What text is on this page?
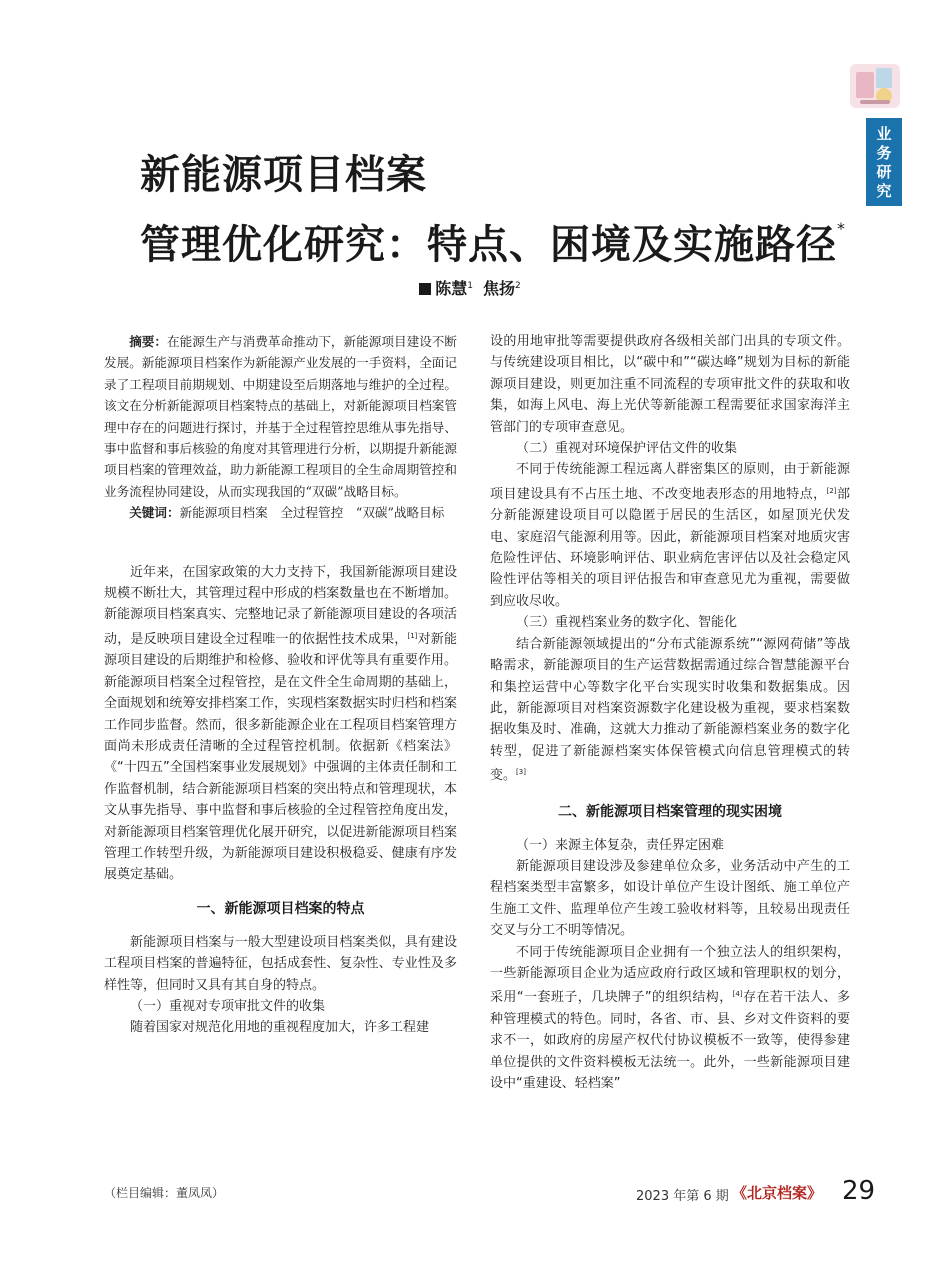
业
务
研
究
新能源项目档案
管理优化研究：特点、困境及实施路径*
陈慧$^1$ 焦扬$^2$

摘要：在能源生产与消费革命推动下，新能源项目建设不断发展。新能源项目档案作为新能源产业发展的一手资料，全面记录了工程项目前期规划、中期建设至后期落地与维护的全过程。该文在分析新能源项目档案特点的基础上，对新能源项目档案管理中存在的问题进行探讨，并基于全过程管控思维从事先指导、事中监督和事后核验的角度对其管理进行分析，以期提升新能源项目档案的管理效益，助力新能源工程项目的全生命周期管控和业务流程协同建设，从而实现我国的“双碳”战略目标。

关键词：新能源项目档案　全过程管控　“双碳”战略目标

近年来，在国家政策的大力支持下，我国新能源项目建设规模不断壮大，其管理过程中形成的档案数量也在不断增加。新能源项目档案真实、完整地记录了新能源项目建设的各项活动，是反映项目建设全过程唯一的依据性技术成果，[1]对新能源项目建设的后期维护和检修、验收和评优等具有重要作用。新能源项目档案全过程管控，是在文件全生命周期的基础上，全面规划和统筹安排档案工作，实现档案数据实时归档和档案工作同步监督。然而，很多新能源企业在工程项目档案管理方面尚未形成责任清晰的全过程管控机制。依据新《档案法》《“十四五”全国档案事业发展规划》中强调的主体责任制和工作监督机制，结合新能源项目档案的突出特点和管理现状，本文从事先指导、事中监督和事后核验的全过程管控角度出发，对新能源项目档案管理优化展开研究，以促进新能源项目档案管理工作转型升级，为新能源项目建设积极稳妥、健康有序发展奠定基础。

一、新能源项目档案的特点

新能源项目档案与一般大型建设项目档案类似，具有建设工程项目档案的普遍特征，包括成套性、复杂性、专业性及多样性等，但同时又具有其自身的特点。

（一）重视对专项审批文件的收集

随着国家对规范化用地的重视程度加大，许多工程建

设的用地审批等需要提供政府各级相关部门出具的专项文件。与传统建设项目相比，以“碳中和”“碳达峰”规划为目标的新能源项目建设，则更加注重不同流程的专项审批文件的获取和收集，如海上风电、海上光伏等新能源工程需要征求国家海洋主管部门的专项审查意见。

（二）重视对环境保护评估文件的收集

不同于传统能源工程远离人群密集区的原则，由于新能源项目建设具有不占压土地、不改变地表形态的用地特点，[2]部分新能源建设项目可以隐匿于居民的生活区，如屋顶光伏发电、家庭沼气能源利用等。因此，新能源项目档案对地质灾害危险性评估、环境影响评估、职业病危害评估以及社会稳定风险性评估等相关的项目评估报告和审查意见尤为重视，需要做到应收尽收。

（三）重视档案业务的数字化、智能化

结合新能源领域提出的“分布式能源系统”“源网荷储”等战略需求，新能源项目的生产运营数据需通过综合智慧能源平台和集控运营中心等数字化平台实现实时收集和数据集成。因此，新能源项目对档案资源数字化建设极为重视，要求档案数据收集及时、准确，这就大力推动了新能源档案业务的数字化转型，促进了新能源档案实体保管模式向信息管理模式的转变。[3]

二、新能源项目档案管理的现实困境

（一）来源主体复杂，责任界定困难

新能源项目建设涉及参建单位众多，业务活动中产生的工程档案类型丰富繁多，如设计单位产生设计图纸、施工单位产生施工文件、监理单位产生竣工验收材料等，且较易出现责任交叉与分工不明等情况。

不同于传统能源项目企业拥有一个独立法人的组织架构，一些新能源项目企业为适应政府行政区域和管理职权的划分，采用“一套班子，几块牌子”的组织结构，[4]存在若干法人、多种管理模式的特色。同时，各省、市、县、乡对文件资料的要求不一，如政府的房屋产权代付协议模板不一致等，使得参建单位提供的文件资料模板无法统一。此外，一些新能源项目建设中“重建设、轻档案”

（栏目编辑：董凤凤）	2023 年第 6 期 《北京档案》 29
